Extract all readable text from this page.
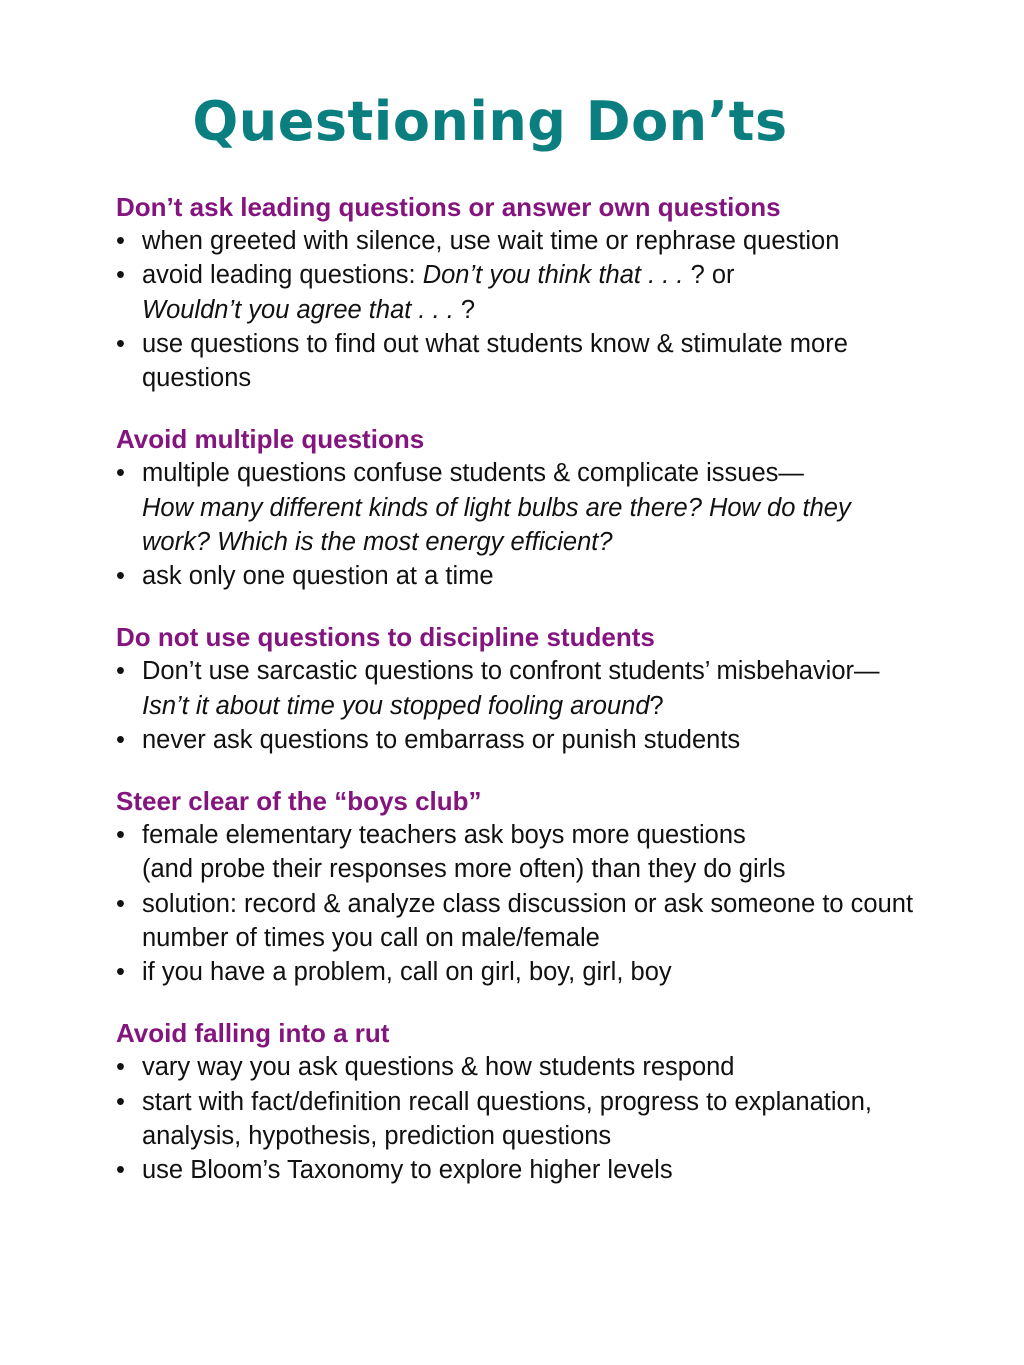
Questioning Don’ts
Don’t ask leading questions or answer own questions
• when greeted with silence, use wait time or rephrase question
• avoid leading questions: Don’t you think that . . . ? or
Wouldn’t you agree that . . . ?
• use questions to find out what students know & stimulate more questions
Avoid multiple questions
• multiple questions confuse students & complicate issues—
How many different kinds of light bulbs are there? How do they work? Which is the most energy efficient?
• ask only one question at a time
Do not use questions to discipline students
• Don’t use sarcastic questions to confront students’ misbehavior—Isn’t it about time you stopped fooling around?
• never ask questions to embarrass or punish students
Steer clear of the “boys club”
• female elementary teachers ask boys more questions
(and probe their responses more often) than they do girls
• solution: record & analyze class discussion or ask someone to count number of times you call on male/female
• if you have a problem, call on girl, boy, girl, boy
Avoid falling into a rut
• vary way you ask questions & how students respond
• start with fact/definition recall questions, progress to explanation, analysis, hypothesis, prediction questions
• use Bloom’s Taxonomy to explore higher levels
